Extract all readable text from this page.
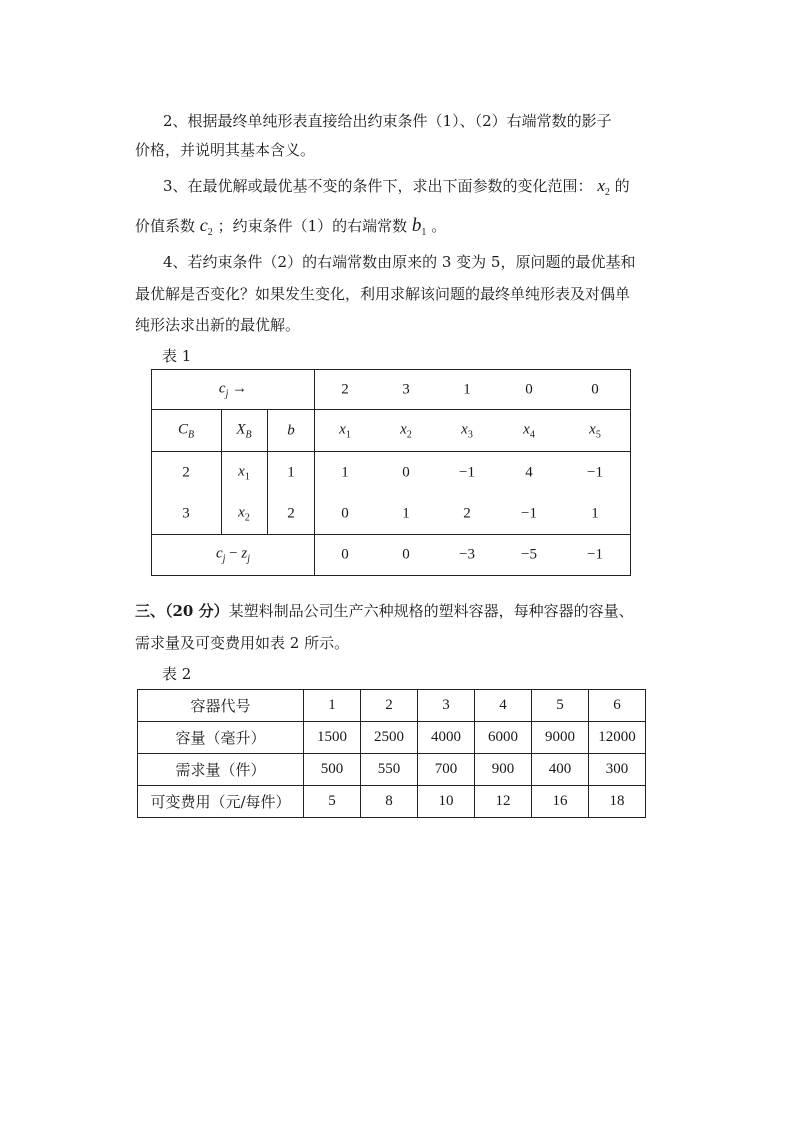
2、根据最终单纯形表直接给出约束条件（1）、（2）右端常数的影子
价格，并说明其基本含义。
3、在最优解或最优基不变的条件下，求出下面参数的变化范围： $x_2$ 的
价值系数 $c_2$ ；约束条件（1）的右端常数 $b_1$ 。
4、若约束条件（2）的右端常数由原来的 3 变为 5，原问题的最优基和
最优解是否变化？如果发生变化，利用求解该问题的最终单纯形表及对偶单
纯形法求出新的最优解。
表 1
$c_j$ →	2	3	1	0	0
$C_B$	$X_B$ b	$x_1$	$x_2$	$x_3$	$x_4$	$x_5$
2	$x_1$ 1	1	0	−1	4	−1
3	$x_2$ 2	0	1	2	−1	1
$c_j - z_j$	0	0	−3	−5	−1
三、（20 分）某塑料制品公司生产六种规格的塑料容器，每种容器的容量、
需求量及可变费用如表 2 所示。
表 2
容器代号	1	2	3	4	5	6
容量（毫升）	1500	2500	4000	6000	9000	12000
需求量（件）	500	550	700	900	400	300
可变费用（元/每件）	5	8	10	12	16	18
